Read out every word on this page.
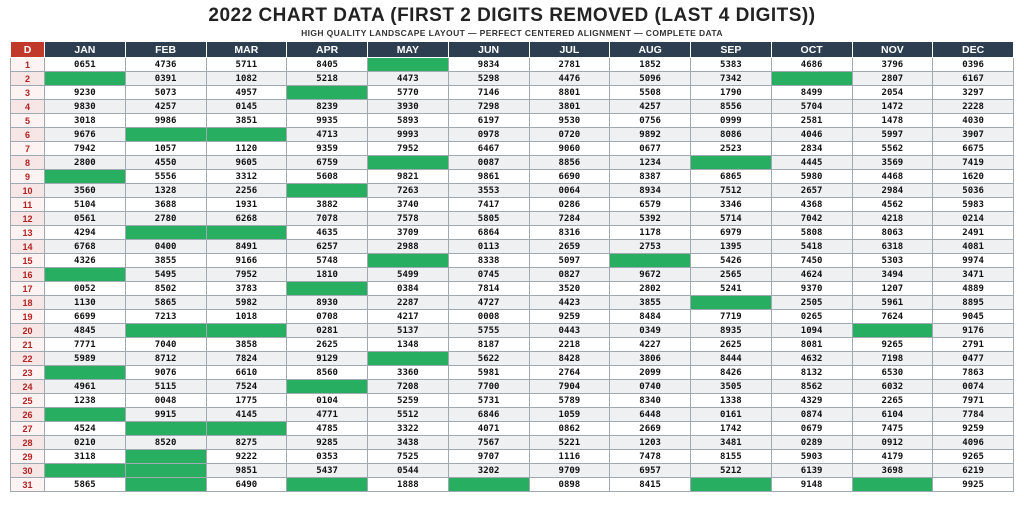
2022 CHART DATA (FIRST 2 DIGITS REMOVED (LAST 4 DIGITS))
HIGH QUALITY LANDSCAPE LAYOUT — PERFECT CENTERED ALIGNMENT — COMPLETE DATA
D	JAN	FEB	MAR	APR	MAY	JUN	JUL	AUG	SEP	OCT	NOV	DEC
1	0651	4736	5711	8405		9834	2781	1852	5383	4686	3796	0396
2		0391	1082	5218	4473	5298	4476	5096	7342		2807	6167
3	9230	5073	4957		5770	7146	8801	5508	1790	8499	2054	3297
4	9830	4257	0145	8239	3930	7298	3801	4257	8556	5704	1472	2228
5	3018	9986	3851	9935	5893	6197	9530	0756	0999	2581	1478	4030
6	9676			4713	9993	0978	0720	9892	8086	4046	5997	3907
7	7942	1057	1120	9359	7952	6467	9060	0677	2523	2834	5562	6675
8	2800	4550	9605	6759		0087	8856	1234		4445	3569	7419
9		5556	3312	5608	9821	9861	6690	8387	6865	5980	4468	1620
10	3560	1328	2256		7263	3553	0064	8934	7512	2657	2984	5036
11	5104	3688	1931	3882	3740	7417	0286	6579	3346	4368	4562	5983
12	0561	2780	6268	7078	7578	5805	7284	5392	5714	7042	4218	0214
13	4294			4635	3709	6864	8316	1178	6979	5808	8063	2491
14	6768	0400	8491	6257	2988	0113	2659	2753	1395	5418	6318	4081
15	4326	3855	9166	5748		8338	5097		5426	7450	5303	9974
16		5495	7952	1810	5499	0745	0827	9672	2565	4624	3494	3471
17	0052	8502	3783		0384	7814	3520	2802	5241	9370	1207	4889
18	1130	5865	5982	8930	2287	4727	4423	3855		2505	5961	8895
19	6699	7213	1018	0708	4217	0008	9259	8484	7719	0265	7624	9045
20	4845			0281	5137	5755	0443	0349	8935	1094		9176
21	7771	7040	3858	2625	1348	8187	2218	4227	2625	8081	9265	2791
22	5989	8712	7824	9129		5622	8428	3806	8444	4632	7198	0477
23		9076	6610	8560	3360	5981	2764	2099	8426	8132	6530	7863
24	4961	5115	7524		7208	7700	7904	0740	3505	8562	6032	0074
25	1238	0048	1775	0104	5259	5731	5789	8340	1338	4329	2265	7971
26		9915	4145	4771	5512	6846	1059	6448	0161	0874	6104	7784
27	4524			4785	3322	4071	0862	2669	1742	0679	7475	9259
28	0210	8520	8275	9285	3438	7567	5221	1203	3481	0289	0912	4096
29	3118		9222	0353	7525	9707	1116	7478	8155	5903	4179	9265
30			9851	5437	0544	3202	9709	6957	5212	6139	3698	6219
31	5865		6490		1888		0898	8415		9148		9925
